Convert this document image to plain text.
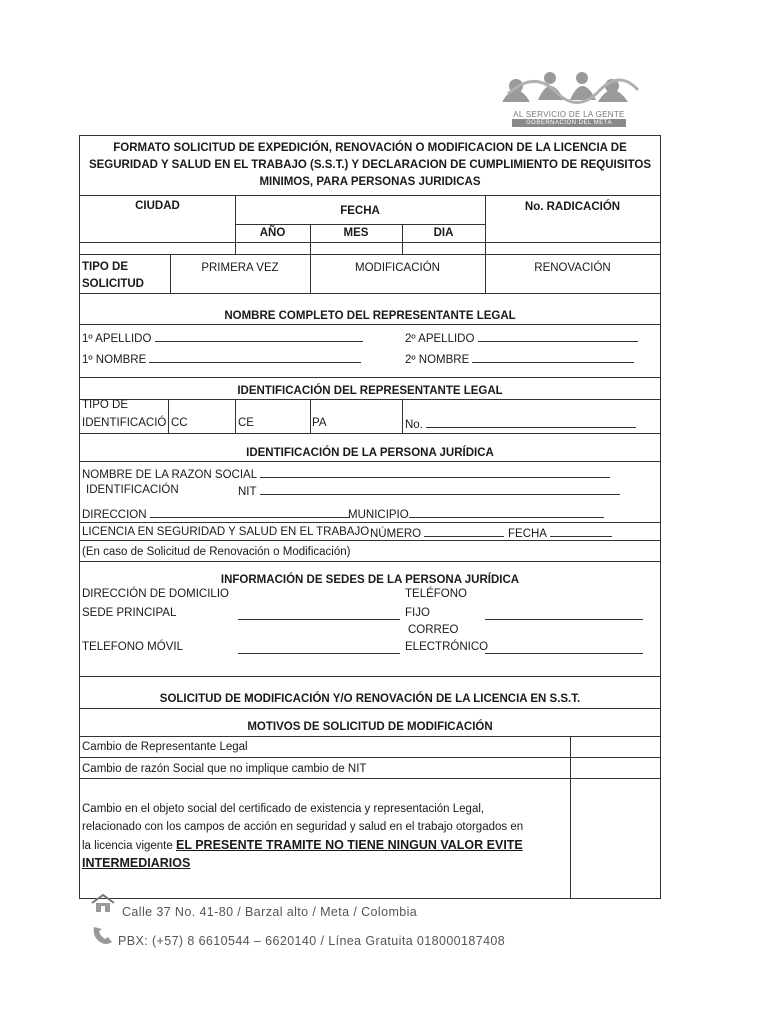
AL SERVICIO DE LA GENTE
GOBERNACIÓN DEL META
FORMATO SOLICITUD DE EXPEDICIÓN, RENOVACIÓN O MODIFICACION DE LA LICENCIA DE
SEGURIDAD Y SALUD EN EL TRABAJO (S.S.T.) Y DECLARACION DE CUMPLIMIENTO DE REQUISITOS
MINIMOS, PARA PERSONAS JURIDICAS
CIUDAD	FECHA	No. RADICACIÓN
AÑO	MES	DIA
TIPO DE
SOLICITUD
PRIMERA VEZ	MODIFICACIÓN	RENOVACIÓN
NOMBRE COMPLETO DEL REPRESENTANTE LEGAL
1º APELLIDO	2º APELLIDO
1º NOMBRE	2º NOMBRE
IDENTIFICACIÓN DEL REPRESENTANTE LEGAL
TIPO DE
IDENTIFICACIÓ CC	CE	PA	No.
IDENTIFICACIÓN DE LA PERSONA JURÍDICA
NOMBRE DE LA RAZON SOCIAL
IDENTIFICACIÓN	NIT
DIRECCION	MUNICIPIO
LICENCIA EN SEGURIDAD Y SALUD EN EL TRABAJO NÚMERO	FECHA
(En caso de Solicitud de Renovación o Modificación)
INFORMACIÓN DE SEDES DE LA PERSONA JURÍDICA
DIRECCIÓN DE DOMICILIO	TELÉFONO
SEDE PRINCIPAL	FIJO
CORREO
TELEFONO MÓVIL	ELECTRÓNICO
SOLICITUD DE MODIFICACIÓN Y/O RENOVACIÓN DE LA LICENCIA EN S.S.T.
MOTIVOS DE SOLICITUD DE MODIFICACIÓN
Cambio de Representante Legal
Cambio de razón Social que no implique cambio de NIT
Cambio en el objeto social del certificado de existencia y representación Legal,
relacionado con los campos de acción en seguridad y salud en el trabajo otorgados en
la licencia vigente EL PRESENTE TRAMITE NO TIENE NINGUN VALOR EVITE
INTERMEDIARIOS
Calle 37 No. 41-80 / Barzal alto / Meta / Colombia
PBX: (+57) 8 6610544 – 6620140 / Línea Gratuita 018000187408
